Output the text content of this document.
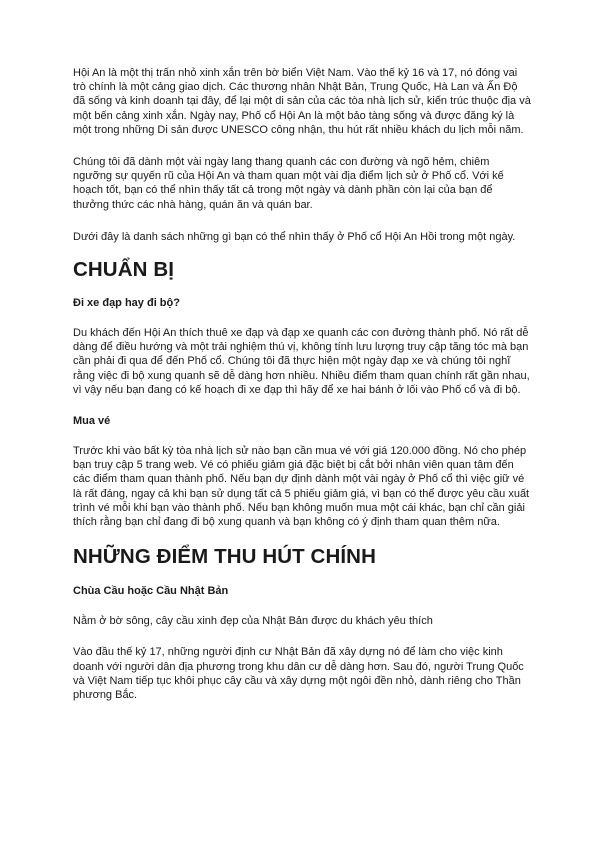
Hội An là một thị trấn nhỏ xinh xắn trên bờ biển Việt Nam. Vào thế kỷ 16 và 17, nó đóng vai trò chính là một cảng giao dịch. Các thương nhân Nhật Bản, Trung Quốc, Hà Lan và Ấn Độ đã sống và kinh doanh tại đây, để lại một di sản của các tòa nhà lịch sử, kiến trúc thuộc địa và một bến cảng xinh xắn. Ngày nay, Phố cổ Hội An là một bảo tàng sống và được đăng ký là một trong những Di sản được UNESCO công nhận, thu hút rất nhiều khách du lịch mỗi năm.

Chúng tôi đã dành một vài ngày lang thang quanh các con đường và ngõ hẻm, chiêm ngưỡng sự quyến rũ của Hội An và tham quan một vài địa điểm lịch sử ở Phố cổ. Với kế hoạch tốt, bạn có thể nhìn thấy tất cả trong một ngày và dành phần còn lại của bạn để thưởng thức các nhà hàng, quán ăn và quán bar.

Dưới đây là danh sách những gì bạn có thể nhìn thấy ở Phố cổ Hội An Hồi trong một ngày.

CHUẨN BỊ
Đi xe đạp hay đi bộ?

Du khách đến Hội An thích thuê xe đạp và đạp xe quanh các con đường thành phố. Nó rất dễ dàng để điều hướng và một trải nghiệm thú vị, không tính lưu lượng truy cập tăng tóc mà bạn cần phải đi qua để đến Phố cổ. Chúng tôi đã thực hiện một ngày đạp xe và chúng tôi nghĩ rằng việc đi bộ xung quanh sẽ dễ dàng hơn nhiều. Nhiều điểm tham quan chính rất gần nhau, vì vậy nếu bạn đang có kế hoạch đi xe đạp thì hãy để xe hai bánh ở lối vào Phố cổ và đi bộ.

Mua vé

Trước khi vào bất kỳ tòa nhà lịch sử nào bạn cần mua vé với giá 120.000 đồng. Nó cho phép bạn truy cập 5 trang web. Vé có phiếu giảm giá đặc biệt bị cắt bởi nhân viên quan tâm đến các điểm tham quan thành phố. Nếu bạn dự định dành một vài ngày ở Phố cổ thì việc giữ vé là rất đáng, ngay cả khi bạn sử dụng tất cả 5 phiếu giảm giá, vì bạn có thể được yêu cầu xuất trình vé mỗi khi bạn vào thành phố. Nếu bạn không muốn mua một cái khác, bạn chỉ cần giải thích rằng bạn chỉ đang đi bộ xung quanh và bạn không có ý định tham quan thêm nữa.

NHỮNG ĐIỂM THU HÚT CHÍNH
Chùa Cầu hoặc Cầu Nhật Bản

Nằm ở bờ sông, cây cầu xinh đẹp của Nhật Bản được du khách yêu thích

Vào đầu thế kỷ 17, những người định cư Nhật Bản đã xây dựng nó để làm cho việc kinh doanh với người dân địa phương trong khu dân cư dễ dàng hơn. Sau đó, người Trung Quốc và Việt Nam tiếp tục khôi phục cây cầu và xây dựng một ngôi đền nhỏ, dành riêng cho Thần phương Bắc.
